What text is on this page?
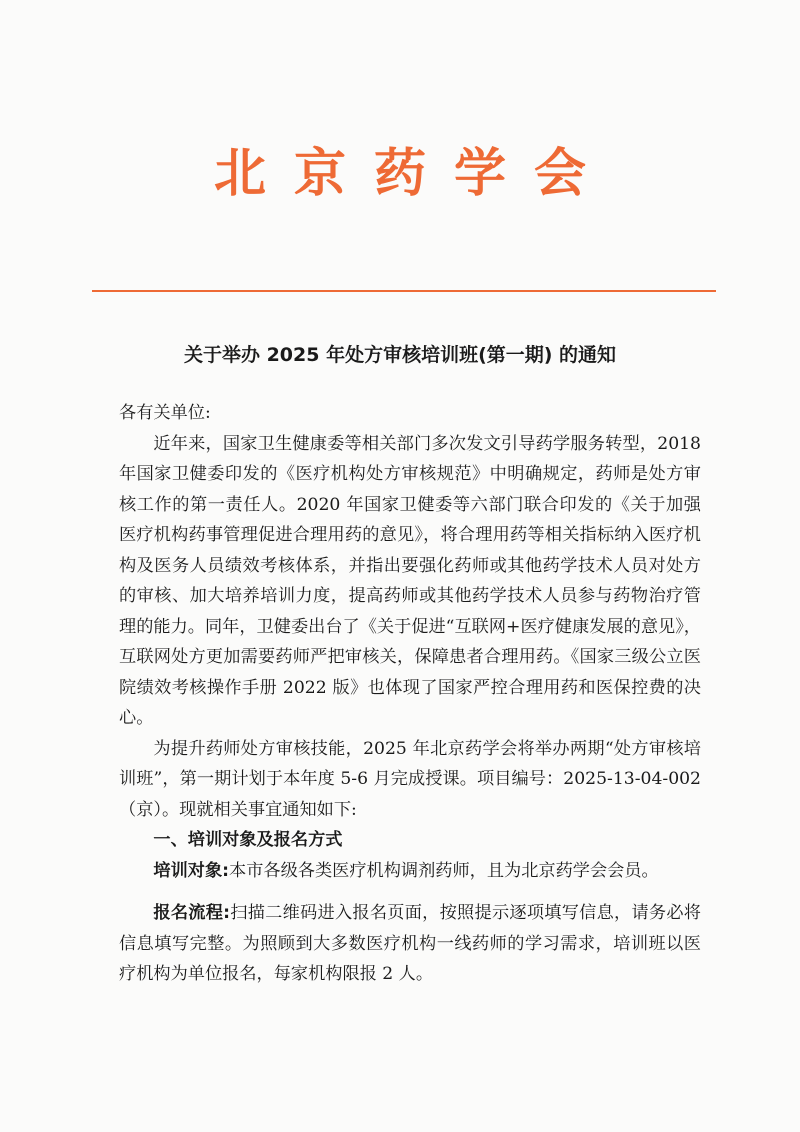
北京药学会
关于举办 2025 年处方审核培训班(第一期) 的通知

各有关单位:

近年来，国家卫生健康委等相关部门多次发文引导药学服务转型，2018 年国家卫健委印发的《医疗机构处方审核规范》中明确规定，药师是处方审核工作的第一责任人。2020 年国家卫健委等六部门联合印发的《关于加强医疗机构药事管理促进合理用药的意见》，将合理用药等相关指标纳入医疗机构及医务人员绩效考核体系，并指出要强化药师或其他药学技术人员对处方的审核、加大培养培训力度，提高药师或其他药学技术人员参与药物治疗管理的能力。同年，卫健委出台了《关于促进“互联网+医疗健康发展的意见》，互联网处方更加需要药师严把审核关，保障患者合理用药。《国家三级公立医院绩效考核操作手册 2022 版》也体现了国家严控合理用药和医保控费的决心。

为提升药师处方审核技能，2025 年北京药学会将举办两期“处方审核培训班”，第一期计划于本年度 5-6 月完成授课。项目编号：2025-13-04-002（京）。现就相关事宜通知如下:

一、培训对象及报名方式

培训对象:本市各级各类医疗机构调剂药师，且为北京药学会会员。

报名流程:扫描二维码进入报名页面，按照提示逐项填写信息，请务必将信息填写完整。为照顾到大多数医疗机构一线药师的学习需求，培训班以医疗机构为单位报名，每家机构限报 2 人。
